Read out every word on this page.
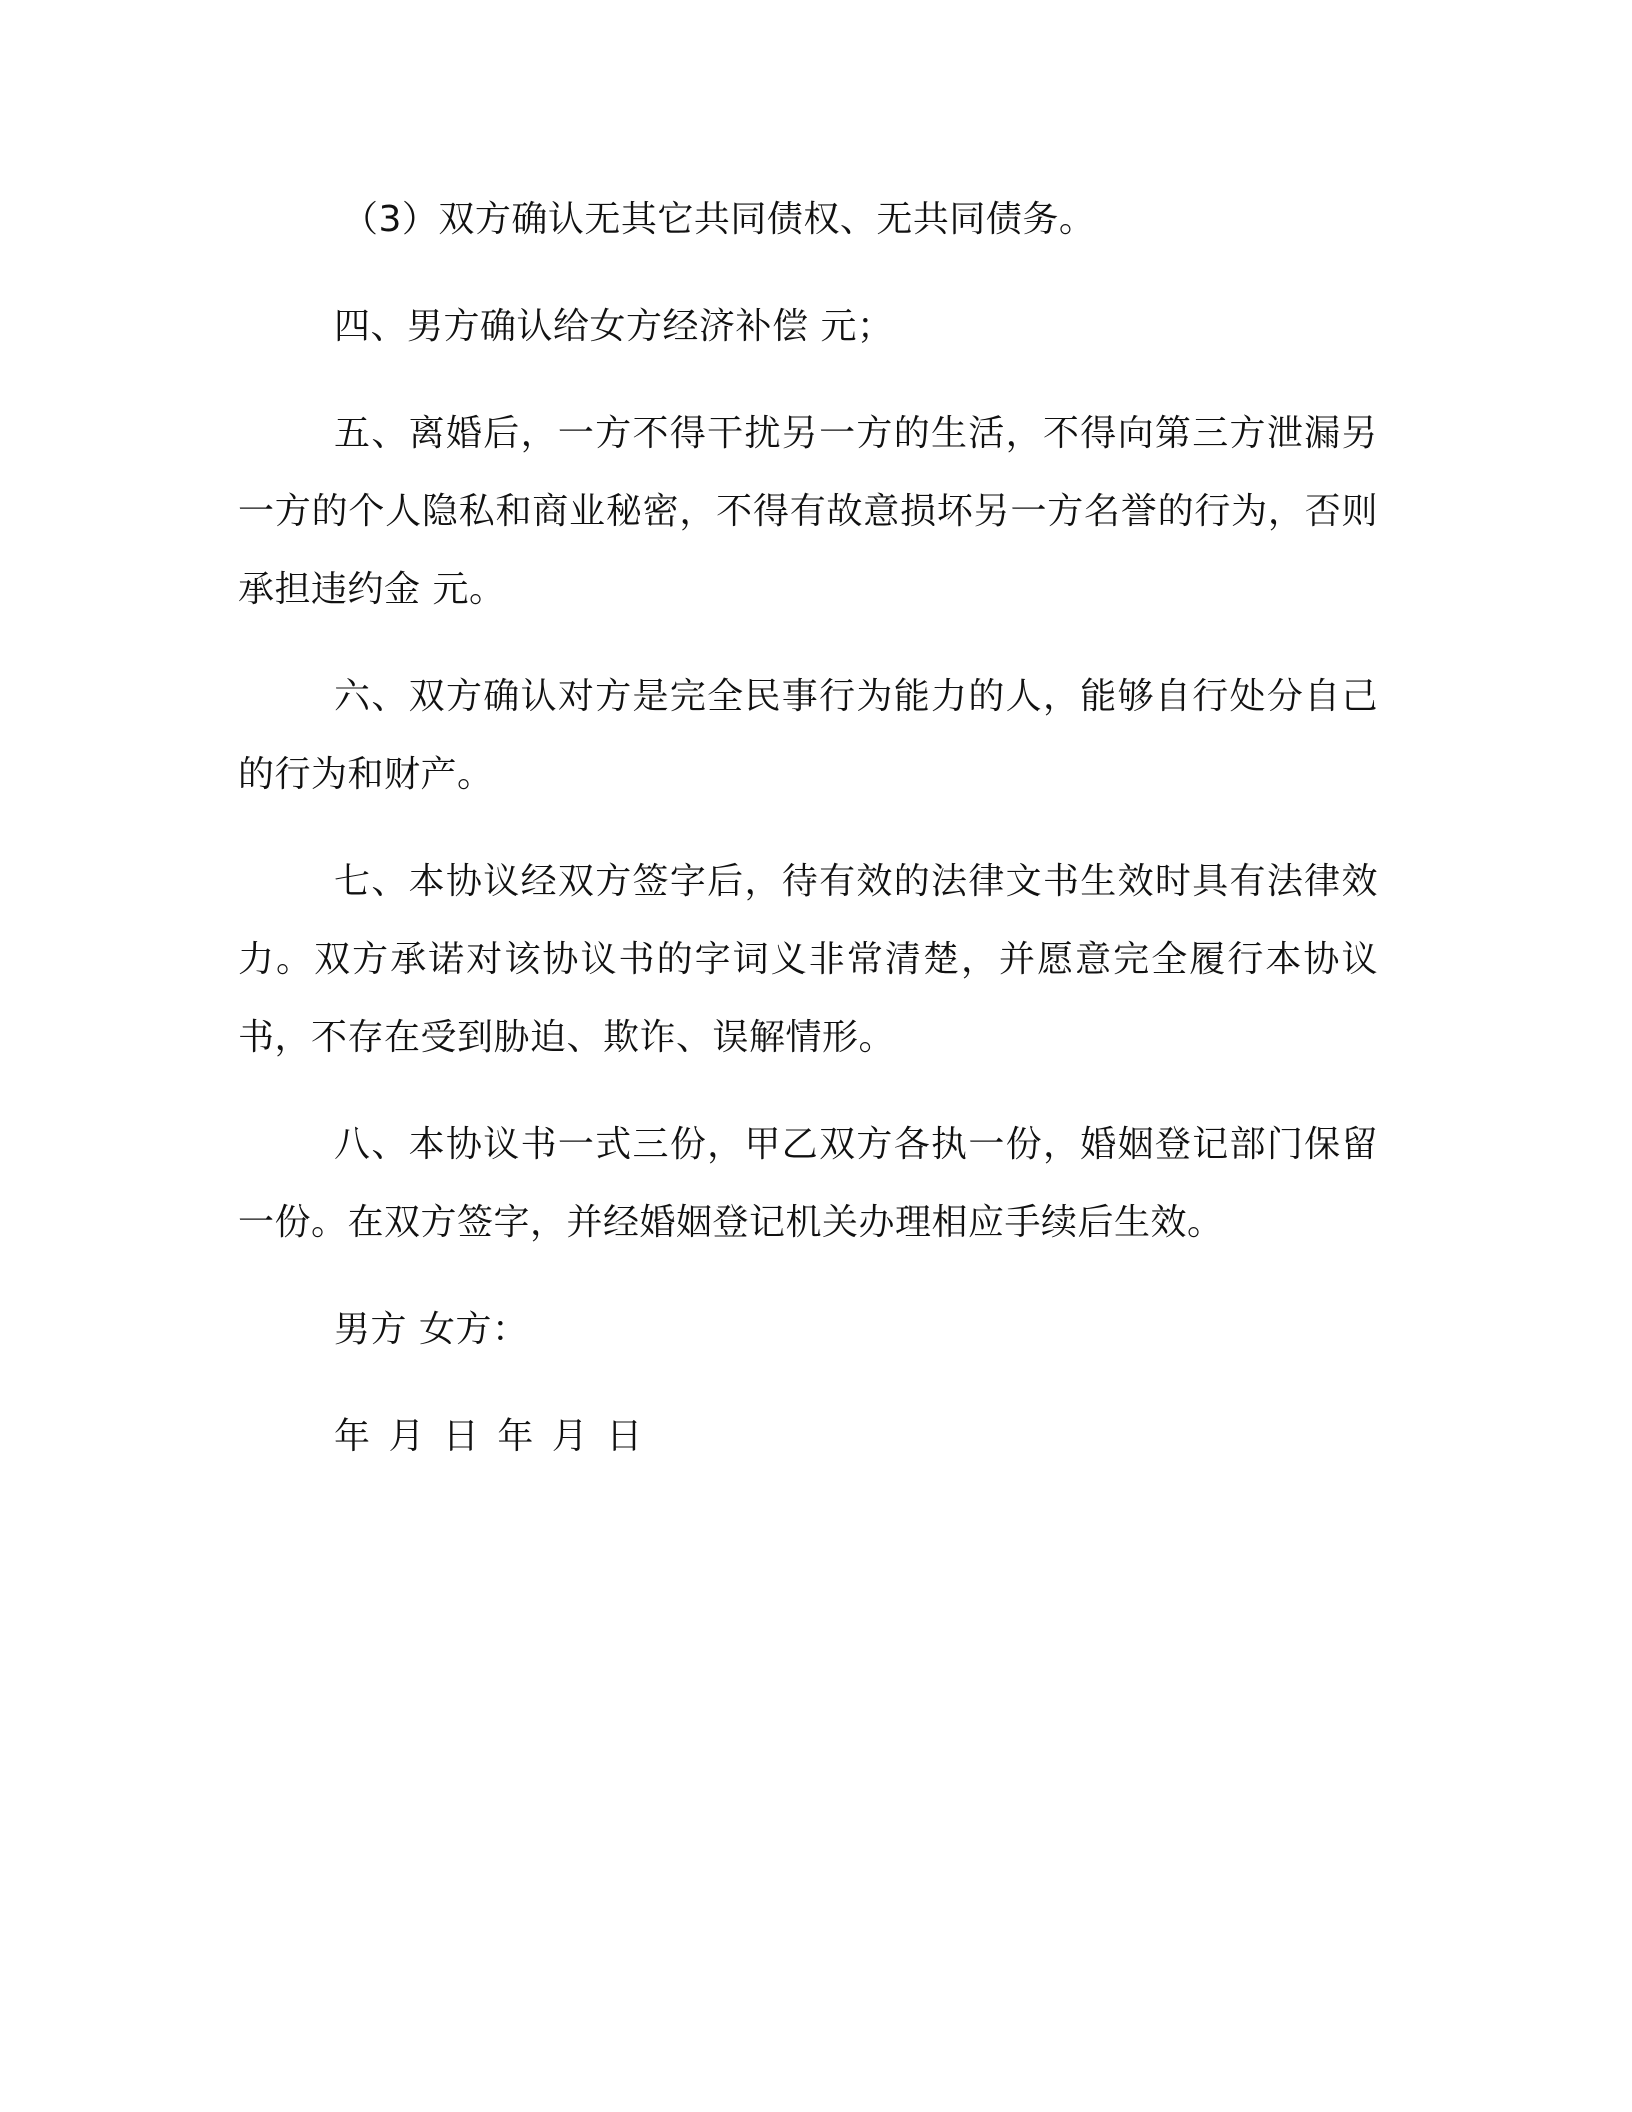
（3）双方确认无其它共同债权、无共同债务。

四、男方确认给女方经济补偿 元；

五、离婚后，一方不得干扰另一方的生活，不得向第三方泄漏另一方的个人隐私和商业秘密，不得有故意损坏另一方名誉的行为，否则承担违约金 元。

六、双方确认对方是完全民事行为能力的人，能够自行处分自己的行为和财产。

七、本协议经双方签字后，待有效的法律文书生效时具有法律效力。双方承诺对该协议书的字词义非常清楚，并愿意完全履行本协议书，不存在受到胁迫、欺诈、误解情形。

八、本协议书一式三份，甲乙双方各执一份，婚姻登记部门保留一份。在双方签字，并经婚姻登记机关办理相应手续后生效。

男方 女方：

年 月 日 年 月 日
